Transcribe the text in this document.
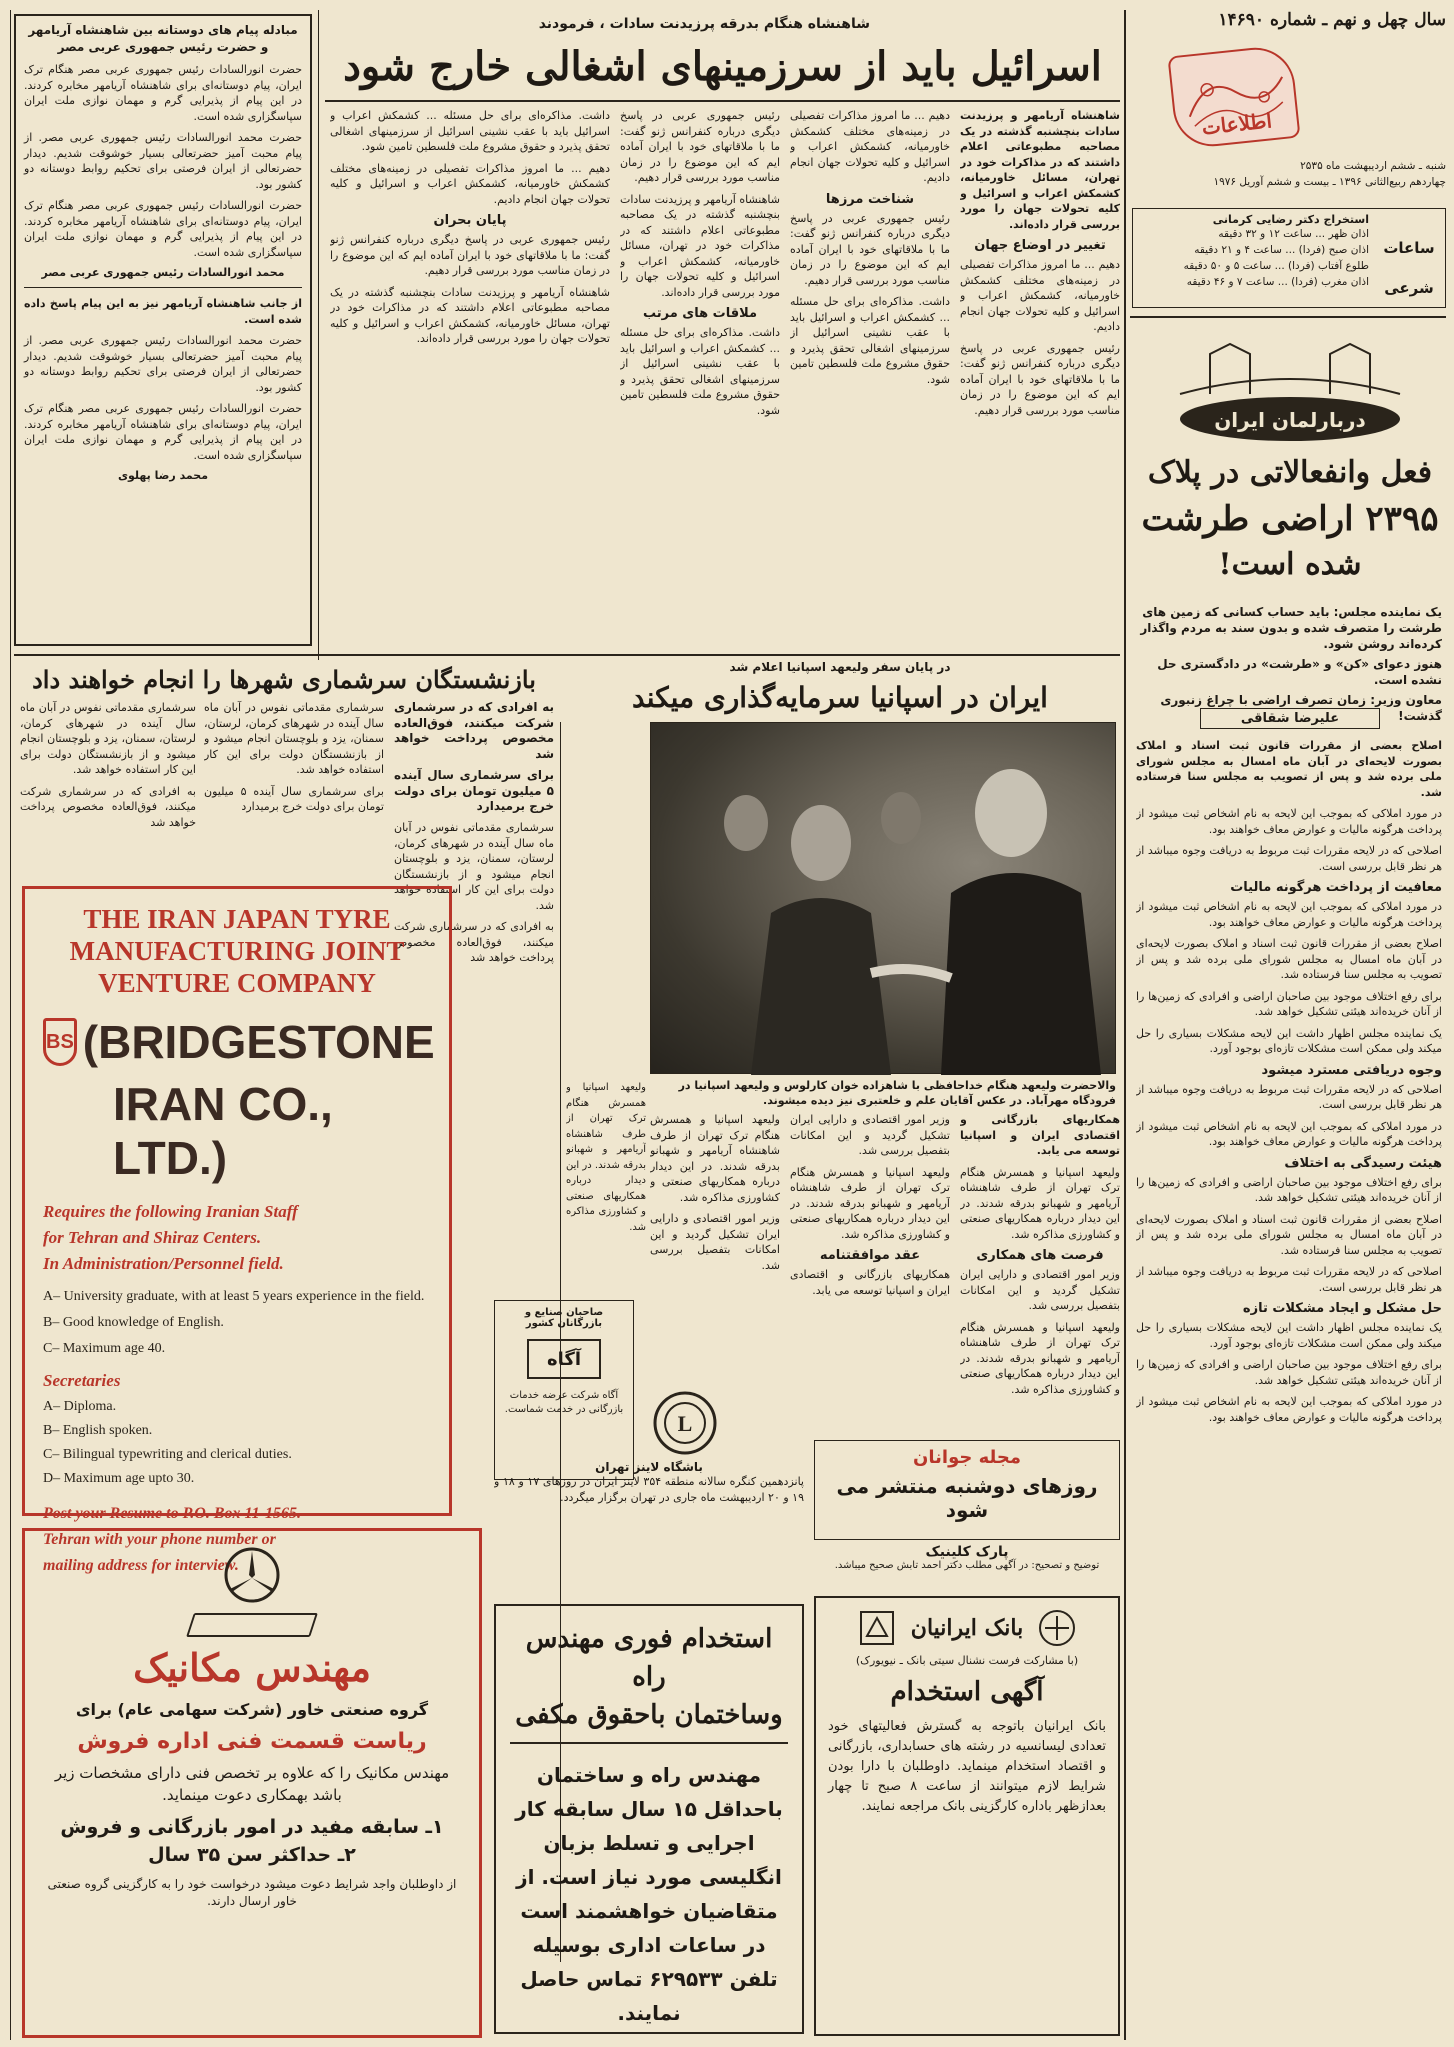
سال چهل و نهم ـ شماره ۱۴۶۹۰
اطلاعات
شنبه ـ ششم اردیبهشت ماه ۲۵۳۵
چهاردهم ربیع‌الثانی ۱۳۹۶ ـ بیست و ششم آوریل ۱۹۷۶
استخراج دکتر رضایی کرمانی
ساعات
شرعی
اذان ظهر ... ساعت ۱۲ و ۳۲ دقیقه
اذان صبح (فردا) ... ساعت ۴ و ۲۱ دقیقه
طلوع آفتاب (فردا) ... ساعت ۵ و ۵۰ دقیقه
اذان مغرب (فردا) ... ساعت ۷ و ۴۶ دقیقه
شاهنشاه هنگام بدرقه پرزیدنت سادات ، فرمودند
اسرائیل باید از سرزمینهای اشغالی خارج شود

شاهنشاه آریامهر و پرزیدنت سادات بنچشنبه گذشته در یک مصاحبه مطبوعاتی اعلام داشتند که در مذاکرات خود در تهران، مسائل خاورمیانه، کشمکش اعراب و اسرائیل و کلیه تحولات جهان را مورد بررسی قرار داده‌اند.

تغییر در اوضاع جهان

دهیم ... ما امروز مذاکرات تفصیلی در زمینه‌های مختلف کشمکش خاورمیانه، کشمکش اعراب و اسرائیل و کلیه تحولات جهان انجام دادیم.

رئیس جمهوری عربی در پاسخ دیگری درباره کنفرانس ژنو گفت: ما با ملاقاتهای خود با ایران آماده ایم که این موضوع را در زمان مناسب مورد بررسی قرار دهیم.

دهیم ... ما امروز مذاکرات تفصیلی در زمینه‌های مختلف کشمکش خاورمیانه، کشمکش اعراب و اسرائیل و کلیه تحولات جهان انجام دادیم.

شناخت مرزها

رئیس جمهوری عربی در پاسخ دیگری درباره کنفرانس ژنو گفت: ما با ملاقاتهای خود با ایران آماده ایم که این موضوع را در زمان مناسب مورد بررسی قرار دهیم.

داشت. مذاکره‌ای برای حل مسئله ... کشمکش اعراب و اسرائیل باید با عقب نشینی اسرائیل از سرزمینهای اشغالی تحقق پذیرد و حقوق مشروع ملت فلسطین تامین شود.

رئیس جمهوری عربی در پاسخ دیگری درباره کنفرانس ژنو گفت: ما با ملاقاتهای خود با ایران آماده ایم که این موضوع را در زمان مناسب مورد بررسی قرار دهیم.

شاهنشاه آریامهر و پرزیدنت سادات بنچشنبه گذشته در یک مصاحبه مطبوعاتی اعلام داشتند که در مذاکرات خود در تهران، مسائل خاورمیانه، کشمکش اعراب و اسرائیل و کلیه تحولات جهان را مورد بررسی قرار داده‌اند.

ملاقات های مرتب

داشت. مذاکره‌ای برای حل مسئله ... کشمکش اعراب و اسرائیل باید با عقب نشینی اسرائیل از سرزمینهای اشغالی تحقق پذیرد و حقوق مشروع ملت فلسطین تامین شود.

داشت. مذاکره‌ای برای حل مسئله ... کشمکش اعراب و اسرائیل باید با عقب نشینی اسرائیل از سرزمینهای اشغالی تحقق پذیرد و حقوق مشروع ملت فلسطین تامین شود.

دهیم ... ما امروز مذاکرات تفصیلی در زمینه‌های مختلف کشمکش خاورمیانه، کشمکش اعراب و اسرائیل و کلیه تحولات جهان انجام دادیم.

پایان بحران

رئیس جمهوری عربی در پاسخ دیگری درباره کنفرانس ژنو گفت: ما با ملاقاتهای خود با ایران آماده ایم که این موضوع را در زمان مناسب مورد بررسی قرار دهیم.

شاهنشاه آریامهر و پرزیدنت سادات بنچشنبه گذشته در یک مصاحبه مطبوعاتی اعلام داشتند که در مذاکرات خود در تهران، مسائل خاورمیانه، کشمکش اعراب و اسرائیل و کلیه تحولات جهان را مورد بررسی قرار داده‌اند.

مبادله پیام های دوستانه بین شاهنشاه آریامهر و حضرت رئیس جمهوری عربی مصر

حضرت انورالسادات رئیس جمهوری عربی مصر هنگام ترک ایران، پیام دوستانه‌ای برای شاهنشاه آریامهر مخابره کردند. در این پیام از پذیرایی گرم و مهمان نوازی ملت ایران سپاسگزاری شده است.

حضرت محمد انورالسادات رئیس جمهوری عربی مصر. از پیام محبت آمیز حضرتعالی بسیار خوشوقت شدیم. دیدار حضرتعالی از ایران فرصتی برای تحکیم روابط دوستانه دو کشور بود.

حضرت انورالسادات رئیس جمهوری عربی مصر هنگام ترک ایران، پیام دوستانه‌ای برای شاهنشاه آریامهر مخابره کردند. در این پیام از پذیرایی گرم و مهمان نوازی ملت ایران سپاسگزاری شده است.

محمد انورالسادات رئیس جمهوری عربی مصر

از جانب شاهنشاه آریامهر نیز به این پیام پاسخ داده شده است.

حضرت محمد انورالسادات رئیس جمهوری عربی مصر. از پیام محبت آمیز حضرتعالی بسیار خوشوقت شدیم. دیدار حضرتعالی از ایران فرصتی برای تحکیم روابط دوستانه دو کشور بود.

حضرت انورالسادات رئیس جمهوری عربی مصر هنگام ترک ایران، پیام دوستانه‌ای برای شاهنشاه آریامهر مخابره کردند. در این پیام از پذیرایی گرم و مهمان نوازی ملت ایران سپاسگزاری شده است.

محمد رضا پهلوی
بازنشستگان سرشماری شهرها را انجام خواهند داد

به افرادی که در سرشماری شرکت میکنند، فوق‌العاده مخصوص پرداخت خواهد شد

برای سرشماری سال آینده ۵ میلیون تومان برای دولت خرج برمیدارد

سرشماری مقدماتی نفوس در آبان ماه سال آینده در شهرهای کرمان، لرستان، سمنان، یزد و بلوچستان انجام میشود و از بازنشستگان دولت برای این کار استفاده خواهد شد.

برای سرشماری سال آینده ۵ میلیون تومان برای دولت خرج برمیدارد

سرشماری مقدماتی نفوس در آبان ماه سال آینده در شهرهای کرمان، لرستان، سمنان، یزد و بلوچستان انجام میشود و از بازنشستگان دولت برای این کار استفاده خواهد شد.

به افرادی که در سرشماری شرکت میکنند، فوق‌العاده مخصوص پرداخت خواهد شد	سرشماری مقدماتی نفوس در آبان ماه سال آینده در شهرهای کرمان، لرستان، سمنان، یزد و بلوچستان انجام میشود و از بازنشستگان دولت برای این کار استفاده خواهد شد.

به افرادی که در سرشماری شرکت میکنند، فوق‌العاده مخصوص پرداخت خواهد شد

در پایان سفر ولیعهد اسپانیا اعلام شد
ایران در اسپانیا سرمایه‌گذاری میکند
والاحضرت ولیعهد هنگام خداحافظی با شاهزاده خوان کارلوس و ولیعهد اسپانیا در فرودگاه مهرآباد. در عکس آقایان علم و خلعتبری نیز دیده میشوند.

همکاریهای بازرگانی و اقتصادی ایران و اسپانیا توسعه می یابد.

ولیعهد اسپانیا و همسرش هنگام ترک تهران از طرف شاهنشاه آریامهر و شهبانو بدرقه شدند. در این دیدار درباره همکاریهای صنعتی و کشاورزی مذاکره شد.

فرصت های همکاری

وزیر امور اقتصادی و دارایی ایران تشکیل گردید و این امکانات بتفصیل بررسی شد.

ولیعهد اسپانیا و همسرش هنگام ترک تهران از طرف شاهنشاه آریامهر و شهبانو بدرقه شدند. در این دیدار درباره همکاریهای صنعتی و کشاورزی مذاکره شد.

وزیر امور اقتصادی و دارایی ایران تشکیل گردید و این امکانات بتفصیل بررسی شد.

ولیعهد اسپانیا و همسرش هنگام ترک تهران از طرف شاهنشاه آریامهر و شهبانو بدرقه شدند. در این دیدار درباره همکاریهای صنعتی و کشاورزی مذاکره شد.

عقد موافقتنامه

همکاریهای بازرگانی و اقتصادی ایران و اسپانیا توسعه می یابد.

ولیعهد اسپانیا و همسرش هنگام ترک تهران از طرف شاهنشاه آریامهر و شهبانو بدرقه شدند. در این دیدار درباره همکاریهای صنعتی و کشاورزی مذاکره شد.

وزیر امور اقتصادی و دارایی ایران تشکیل گردید و این امکانات بتفصیل بررسی شد.

ولیعهد اسپانیا و همسرش هنگام ترک تهران از طرف شاهنشاه آریامهر و شهبانو بدرقه شدند. در این دیدار درباره همکاریهای صنعتی و کشاورزی مذاکره شد.

THE IRAN JAPAN TYRE
MANUFACTURING JOINT
VENTURE COMPANY
BS (BRIDGESTONE
IRAN CO., LTD.)
Requires the following Iranian Staff
for Tehran and Shiraz Centers.
In Administration/Personnel field.
A– University graduate, with at least 5 years experience in the field.
B– Good knowledge of English.
C– Maximum age 40.
Secretaries
A– Diploma.
B– English spoken.
C– Bilingual typewriting and clerical duties.
D– Maximum age upto 30.
Post your Resume to P.O. Box 11-1565.
Tehran with your phone number or
mailing address for interview.
صاحبان صنایع و بازرگانان کشور
آگاه
آگاه شرکت عرضه خدمات بازرگانی در خدمت شماست.
L
باشگاه لاینز تهران

پانزدهمین کنگره سالانه منطقه ۳۵۴ لاینز ایران در روزهای ۱۷ و ۱۸ و ۱۹ و ۲۰ اردیبهشت ماه جاری در تهران برگزار میگردد.

مجله جوانان
روزهای دوشنبه منتشر می شود
پارک کلینیک
توضیح و تصحیح: در آگهی مطلب دکتر احمد تابش صحیح میباشد.
مهندس مکانیک
گروه صنعتی خاور (شرکت سهامی عام) برای
ریاست قسمت فنی اداره فروش
مهندس مکانیک را که علاوه بر تخصص فنی دارای مشخصات زیر باشد بهمکاری دعوت مینماید.
۱ـ سابقه مفید در امور بازرگانی و فروش
۲ـ حداکثر سن ۳۵ سال
از داوطلبان واجد شرایط دعوت میشود درخواست خود را به کارگزینی گروه صنعتی خاور ارسال دارند.
استخدام فوری مهندس راه
وساختمان باحقوق مکفی
مهندس راه و ساختمان باحداقل ۱۵ سال سابقه کار اجرایی و تسلط بزبان انگلیسی مورد نیاز است. از متقاضیان خواهشمند است در ساعات اداری بوسیله تلفن ۶۲۹۵۳۳ تماس حاصل نمایند.
بانک ایرانیان
(با مشارکت فرست نشنال سیتی بانک ـ نیویورک)
آگهی استخدام

بانک ایرانیان باتوجه به گسترش فعالیتهای خود تعدادی لیسانسیه در رشته های حسابداری، بازرگانی و اقتصاد استخدام مینماید. داوطلبان با دارا بودن شرایط لازم میتوانند از ساعت ۸ صبح تا چهار بعدازظهر باداره کارگزینی بانک مراجعه نمایند.

دربارلمان ایران
فعل وانفعالاتی در پلاک
۲۳۹۵ اراضی طرشت
شده است!

یک نماینده مجلس: باید حساب کسانی که زمین های طرشت را متصرف شده و بدون سند به مردم واگذار کرده‌اند روشن شود.

هنوز دعوای «کن» و «طرشت» در دادگستری حل نشده است.

معاون وزیر: زمان تصرف اراضی با چراغ زنبوری گذشت!

علیرضا شقاقی

اصلاح بعضی از مقررات قانون ثبت اسناد و املاک بصورت لایحه‌ای در آبان ماه امسال به مجلس شورای ملی برده شد و پس از تصویب به مجلس سنا فرستاده شد.

در مورد املاکی که بموجب این لایحه به نام اشخاص ثبت میشود از پرداخت هرگونه مالیات و عوارض معاف خواهند بود.

اصلاحی که در لایحه مقررات ثبت مربوط به دریافت وجوه میباشد از هر نظر قابل بررسی است.

معافیت از پرداخت هرگونه مالیات

در مورد املاکی که بموجب این لایحه به نام اشخاص ثبت میشود از پرداخت هرگونه مالیات و عوارض معاف خواهند بود.

اصلاح بعضی از مقررات قانون ثبت اسناد و املاک بصورت لایحه‌ای در آبان ماه امسال به مجلس شورای ملی برده شد و پس از تصویب به مجلس سنا فرستاده شد.

برای رفع اختلاف موجود بین صاحبان اراضی و افرادی که زمین‌ها را از آنان خریده‌اند هیئتی تشکیل خواهد شد.

یک نماینده مجلس اظهار داشت این لایحه مشکلات بسیاری را حل میکند ولی ممکن است مشکلات تازه‌ای بوجود آورد.

وجوه دریافتی مسترد میشود

اصلاحی که در لایحه مقررات ثبت مربوط به دریافت وجوه میباشد از هر نظر قابل بررسی است.

در مورد املاکی که بموجب این لایحه به نام اشخاص ثبت میشود از پرداخت هرگونه مالیات و عوارض معاف خواهند بود.

هیئت رسیدگی به اختلاف

برای رفع اختلاف موجود بین صاحبان اراضی و افرادی که زمین‌ها را از آنان خریده‌اند هیئتی تشکیل خواهد شد.

اصلاح بعضی از مقررات قانون ثبت اسناد و املاک بصورت لایحه‌ای در آبان ماه امسال به مجلس شورای ملی برده شد و پس از تصویب به مجلس سنا فرستاده شد.

اصلاحی که در لایحه مقررات ثبت مربوط به دریافت وجوه میباشد از هر نظر قابل بررسی است.

حل مشکل و ایجاد مشکلات تازه

یک نماینده مجلس اظهار داشت این لایحه مشکلات بسیاری را حل میکند ولی ممکن است مشکلات تازه‌ای بوجود آورد.

برای رفع اختلاف موجود بین صاحبان اراضی و افرادی که زمین‌ها را از آنان خریده‌اند هیئتی تشکیل خواهد شد.

در مورد املاکی که بموجب این لایحه به نام اشخاص ثبت میشود از پرداخت هرگونه مالیات و عوارض معاف خواهند بود.
